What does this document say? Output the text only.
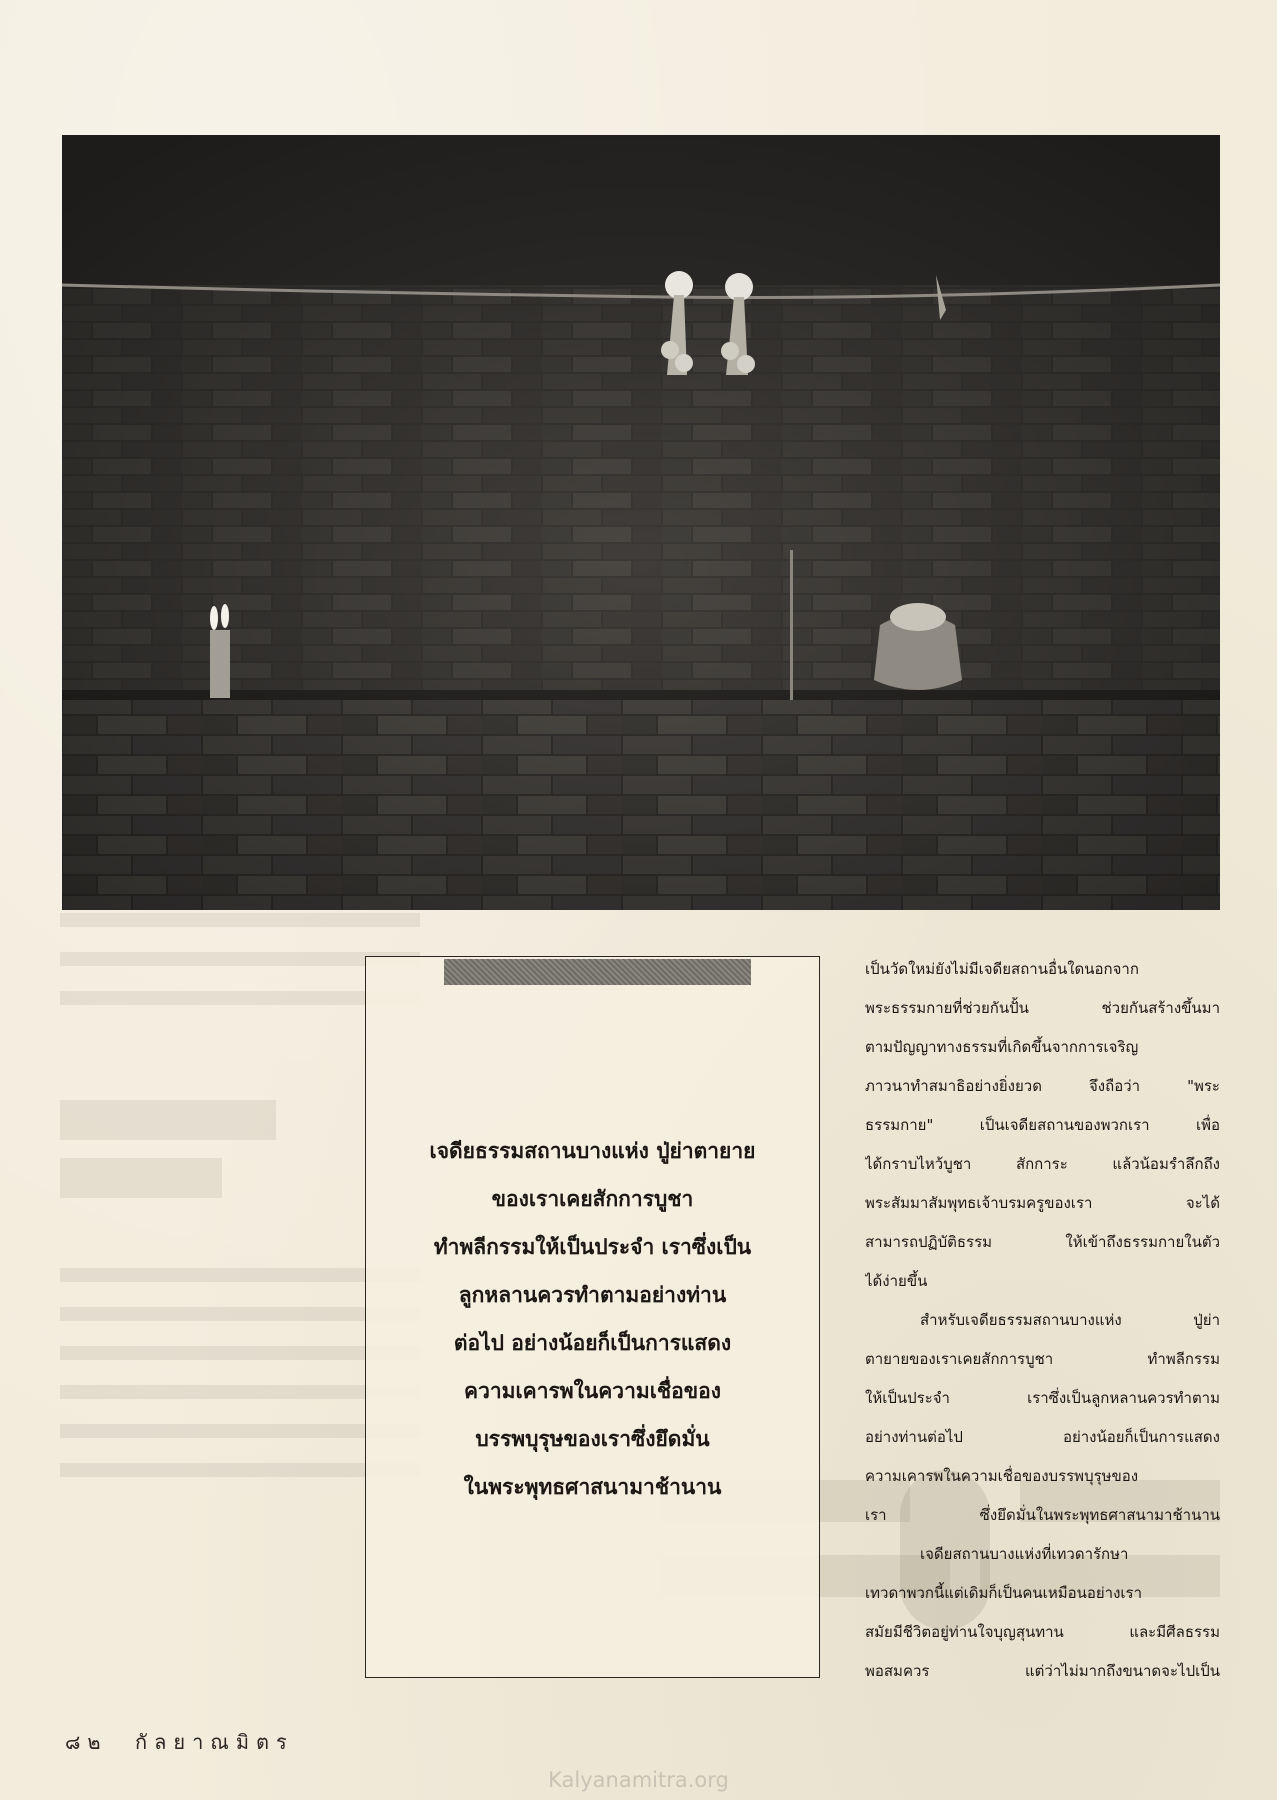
เจดียธรรมสถานบางแห่ง ปู่ย่าตายาย
ของเราเคยสักการบูชา
ทำพลีกรรมให้เป็นประจำ เราซึ่งเป็น
ลูกหลานควรทำตามอย่างท่าน
ต่อไป อย่างน้อยก็เป็นการแสดง
ความเคารพในความเชื่อของ
บรรพบุรุษของเราซึ่งยึดมั่น
ในพระพุทธศาสนามาช้านาน
เป็นวัดใหม่ยังไม่มีเจดียสถานอื่นใดนอกจาก
พระธรรมกายที่ช่วยกันปั้น ช่วยกันสร้างขึ้นมา
ตามปัญญาทางธรรมที่เกิดขึ้นจากการเจริญ
ภาวนาทำสมาธิอย่างยิ่งยวด จึงถือว่า "พระ
ธรรมกาย" เป็นเจดียสถานของพวกเรา เพื่อ
ได้กราบไหว้บูชา สักการะ แล้วน้อมรำลึกถึง
พระสัมมาสัมพุทธเจ้าบรมครูของเรา จะได้
สามารถปฏิบัติธรรม ให้เข้าถึงธรรมกายในตัว
ได้ง่ายขึ้น
สำหรับเจดียธรรมสถานบางแห่ง ปู่ย่า
ตายายของเราเคยสักการบูชา ทำพลีกรรม
ให้เป็นประจำ เราซึ่งเป็นลูกหลานควรทำตาม
อย่างท่านต่อไป อย่างน้อยก็เป็นการแสดง
ความเคารพในความเชื่อของบรรพบุรุษของ
เรา ซึ่งยึดมั่นในพระพุทธศาสนามาช้านาน
เจดียสถานบางแห่งที่เทวดารักษา
เทวดาพวกนี้แต่เดิมก็เป็นคนเหมือนอย่างเรา
สมัยมีชีวิตอยู่ท่านใจบุญสุนทาน และมีศีลธรรม
พอสมควร แต่ว่าไม่มากถึงขนาดจะไปเป็น
๘๒ กัลยาณมิตร
Kalyanamitra.org
